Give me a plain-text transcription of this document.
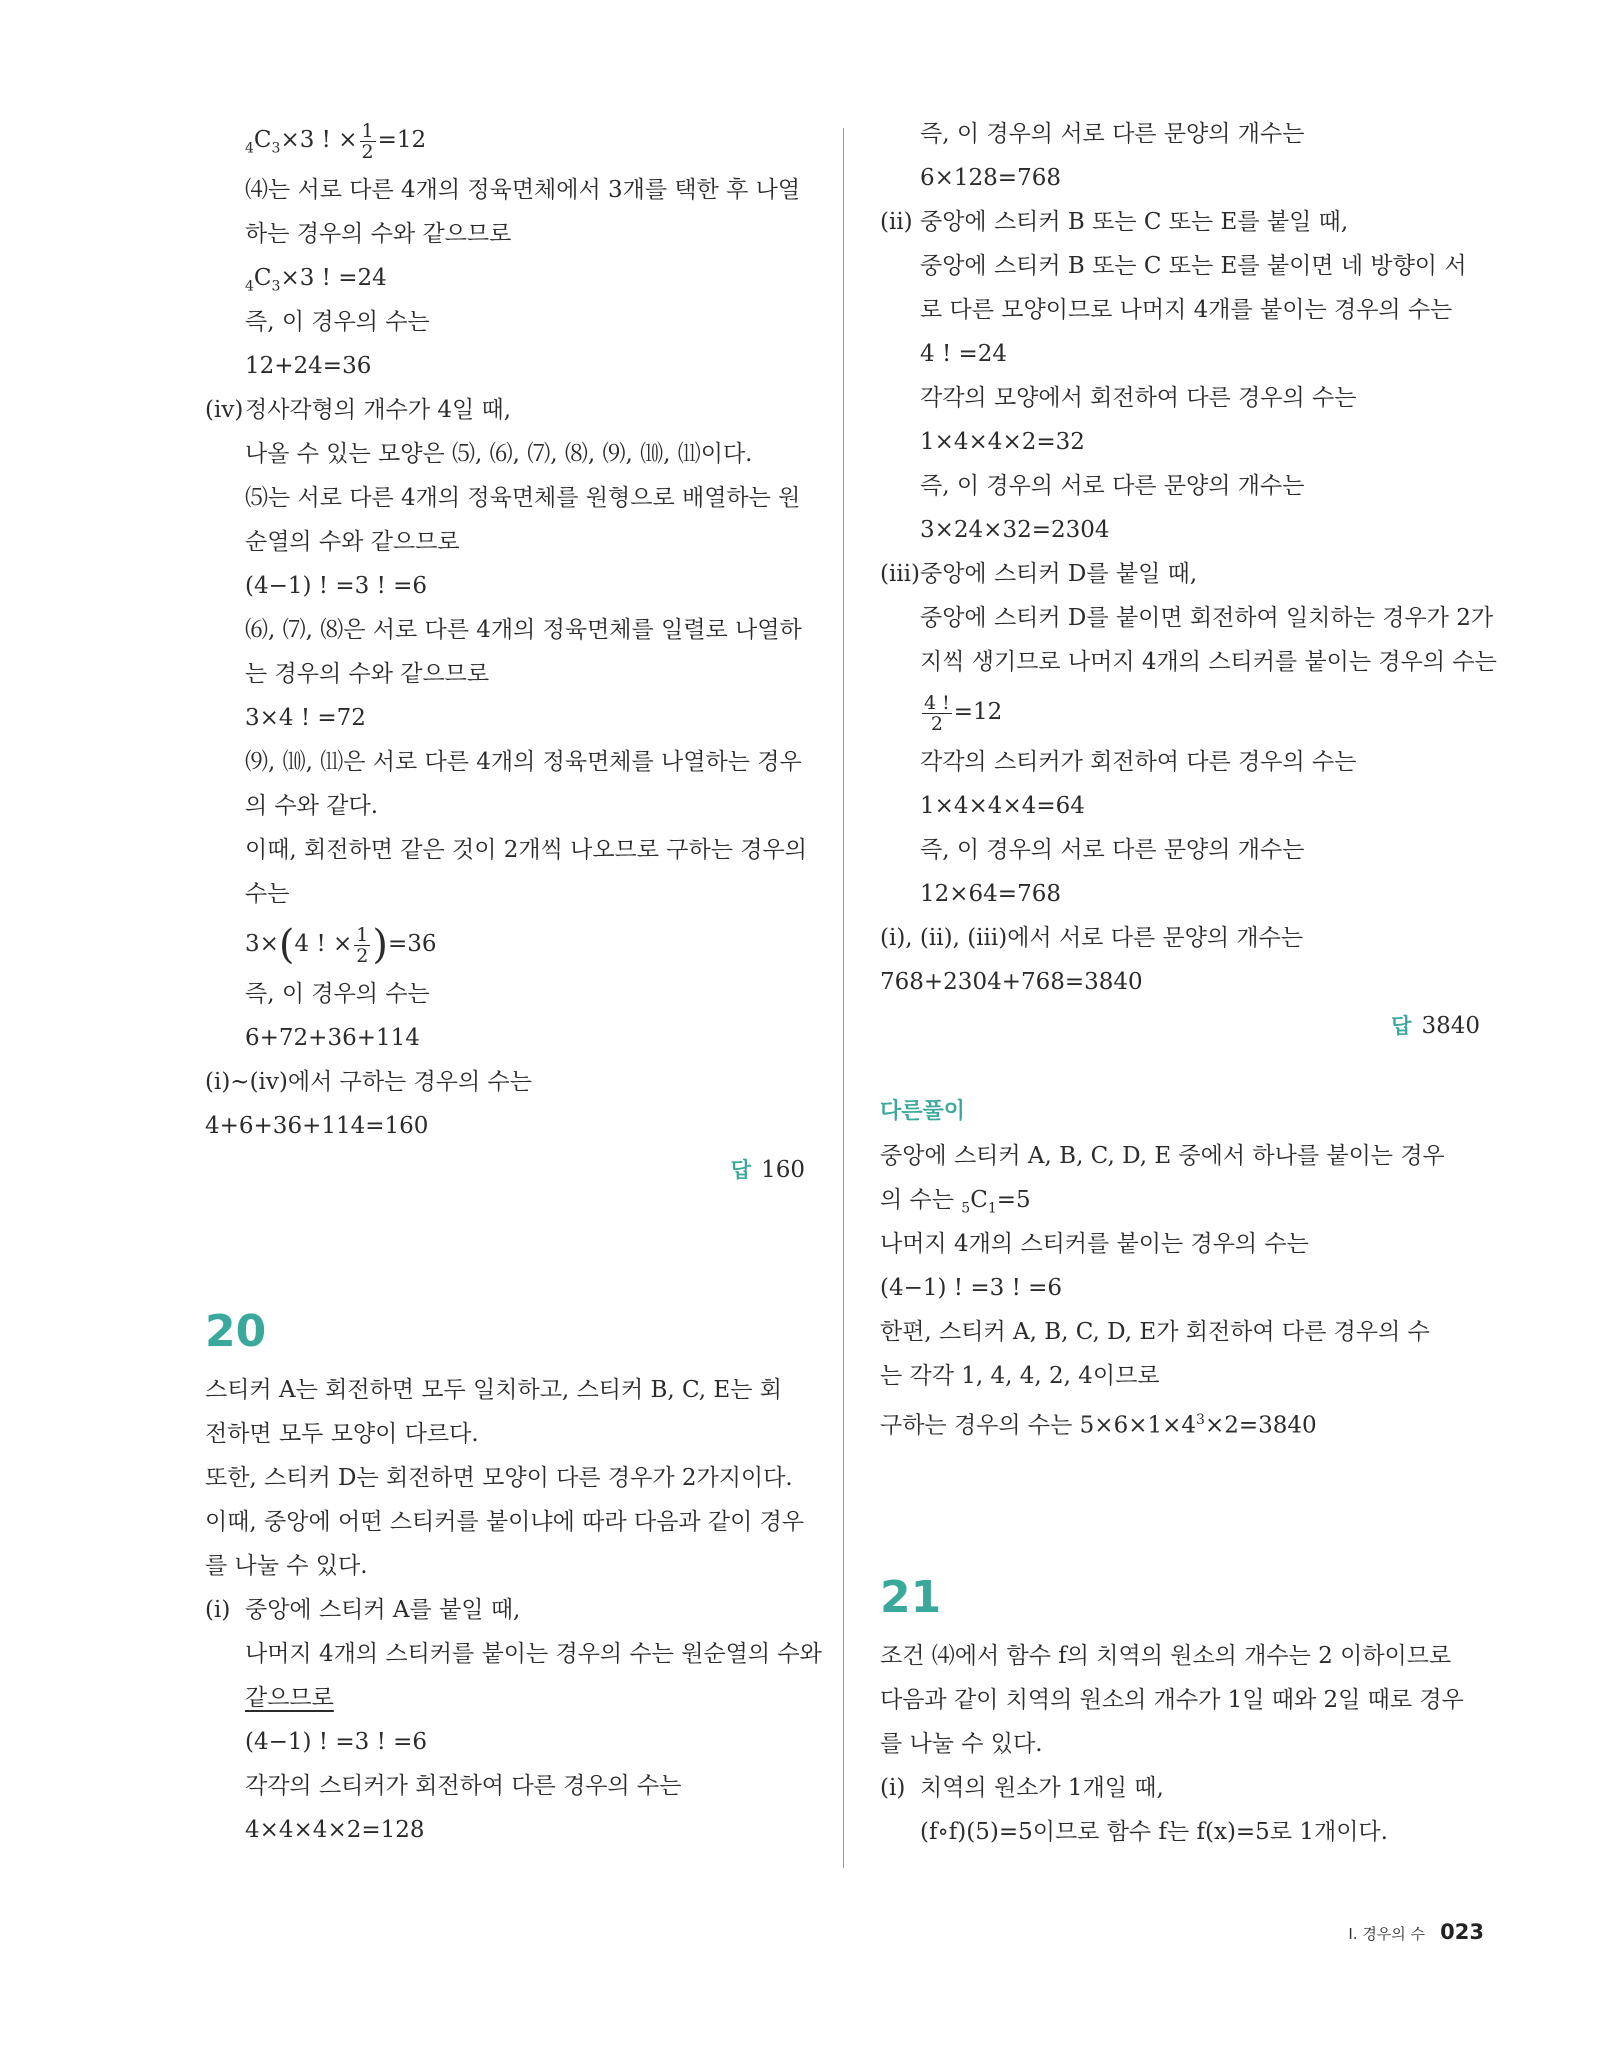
$_4C_3\times 3$ ! × $\frac{1}{2} =12$
⑷는 서로 다른 4개의 정육면체에서 3개를 택한 후 나열
하는 경우의 수와 같으므로
$_4C_3\times 3$ ! =24
즉, 이 경우의 수는
12+24=36
(ⅳ)정사각형의 개수가 4일 때,
나올 수 있는 모양은 ⑸, ⑹, ⑺, ⑻, ⑼, ⑽, ⑾이다.
⑸는 서로 다른 4개의 정육면체를 원형으로 배열하는 원
순열의 수와 같으므로
(4−1) ! =3 ! =6
⑹, ⑺, ⑻은 서로 다른 4개의 정육면체를 일렬로 나열하
는 경우의 수와 같으므로
3×4 ! =72
⑼, ⑽, ⑾은 서로 다른 4개의 정육면체를 나열하는 경우
의 수와 같다.
이때, 회전하면 같은 것이 2개씩 나오므로 구하는 경우의
수는
3×(4 ! × $\frac{1}{2} )=36$
즉, 이 경우의 수는
6+72+36+114
(ⅰ)~(ⅳ)에서 구하는 경우의 수는
4+6+36+114=160
답 160
20
스티커 A는 회전하면 모두 일치하고, 스티커 B, C, E는 회
전하면 모두 모양이 다르다.
또한, 스티커 D는 회전하면 모양이 다른 경우가 2가지이다.
이때, 중앙에 어떤 스티커를 붙이냐에 따라 다음과 같이 경우
를 나눌 수 있다.
(ⅰ) 중앙에 스티커 A를 붙일 때,
나머지 4개의 스티커를 붙이는 경우의 수는 원순열의 수와
같으므로
(4−1) ! =3 ! =6
각각의 스티커가 회전하여 다른 경우의 수는
4×4×4×2=128
즉, 이 경우의 서로 다른 문양의 개수는
6×128=768
(ⅱ) 중앙에 스티커 B 또는 C 또는 E를 붙일 때,
중앙에 스티커 B 또는 C 또는 E를 붙이면 네 방향이 서
로 다른 모양이므로 나머지 4개를 붙이는 경우의 수는
4 ! =24
각각의 모양에서 회전하여 다른 경우의 수는
1×4×4×2=32
즉, 이 경우의 서로 다른 문양의 개수는
3×24×32=2304
(ⅲ)중앙에 스티커 D를 붙일 때,
중앙에 스티커 D를 붙이면 회전하여 일치하는 경우가 2가
지씩 생기므로 나머지 4개의 스티커를 붙이는 경우의 수는
$\frac{4 !}{2} =12$
각각의 스티커가 회전하여 다른 경우의 수는
1×4×4×4=64
즉, 이 경우의 서로 다른 문양의 개수는
12×64=768
(ⅰ), (ⅱ), (ⅲ)에서 서로 다른 문양의 개수는
768+2304+768=3840
답 3840
다른풀이
중앙에 스티커 A, B, C, D, E 중에서 하나를 붙이는 경우
의 수는 $_5C_1=5$
나머지 4개의 스티커를 붙이는 경우의 수는
(4−1) ! =3 ! =6
한편, 스티커 A, B, C, D, E가 회전하여 다른 경우의 수
는 각각 1, 4, 4, 2, 4이므로
구하는 경우의 수는 $5\times 6\times 1\times 4^3\times 2=3840$
21
조건 ⑷에서 함수 f의 치역의 원소의 개수는 2 이하이므로
다음과 같이 치역의 원소의 개수가 1일 때와 2일 때로 경우
를 나눌 수 있다.
(ⅰ) 치역의 원소가 1개일 때,
(f∘f)(5)=5이므로 함수 f는 f(x)=5로 1개이다.
Ⅰ. 경우의 수 023
